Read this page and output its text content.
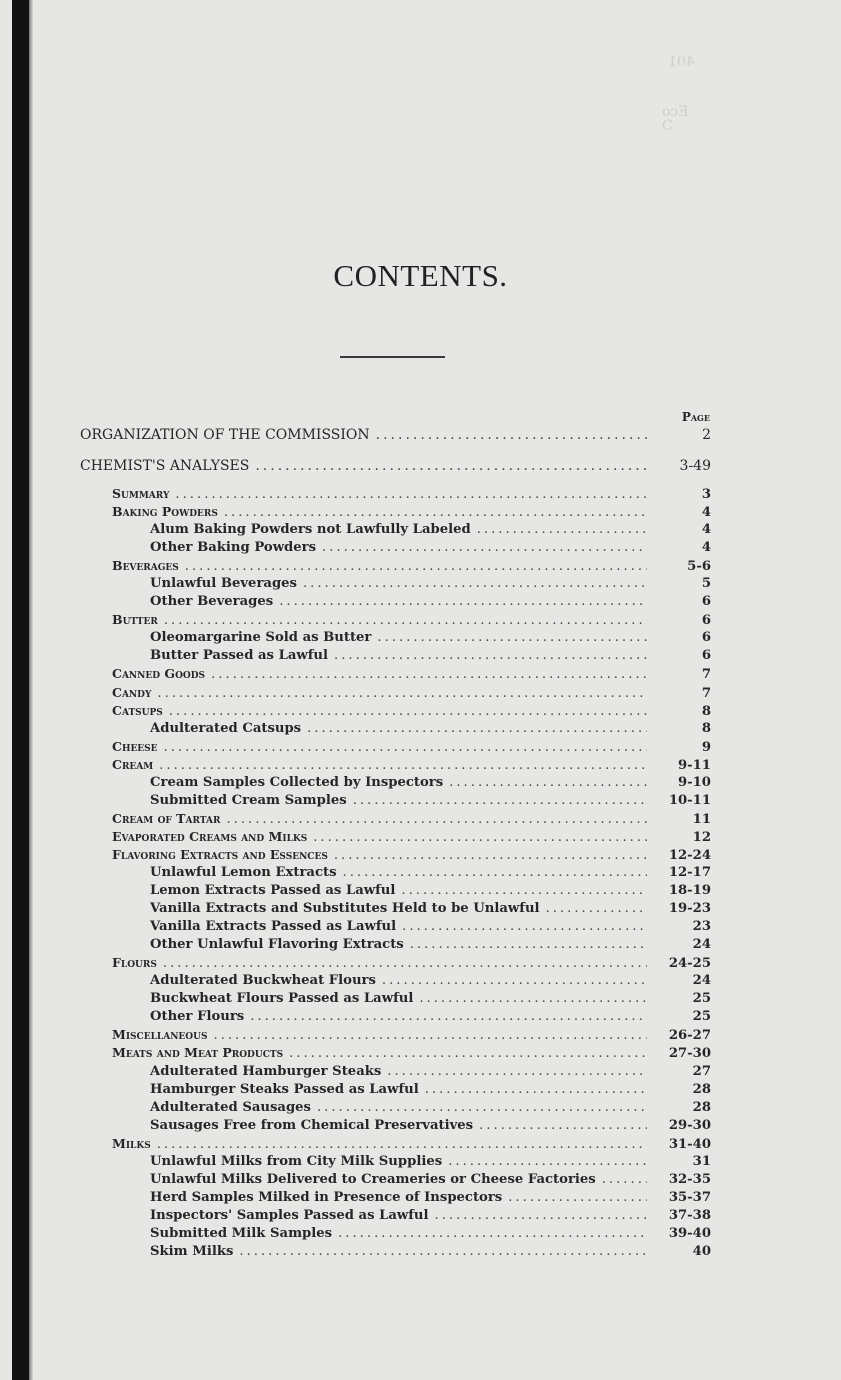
401
Eco
C
CONTENTS.
Page
ORGANIZATION OF THE COMMISSION .....	2
CHEMIST'S ANALYSES .....	3-49
Summary .....	3
Baking Powders .....	4
Alum Baking Powders not Lawfully Labeled .....	4
Other Baking Powders .....	4
Beverages .....	5-6
Unlawful Beverages .....	5
Other Beverages .....	6
Butter .....	6
Oleomargarine Sold as Butter .....	6
Butter Passed as Lawful .....	6
Canned Goods .....	7
Candy .....	7
Catsups .....	8
Adulterated Catsups .....	8
Cheese .....	9
Cream .....	9-11
Cream Samples Collected by Inspectors .....	9-10
Submitted Cream Samples .....	10-11
Cream of Tartar .....	11
Evaporated Creams and Milks .....	12
Flavoring Extracts and Essences .....	12-24
Unlawful Lemon Extracts .....	12-17
Lemon Extracts Passed as Lawful .....	18-19
Vanilla Extracts and Substitutes Held to be Unlawful .....	19-23
Vanilla Extracts Passed as Lawful .....	23
Other Unlawful Flavoring Extracts .....	24
Flours .....	24-25
Adulterated Buckwheat Flours .....	24
Buckwheat Flours Passed as Lawful .....	25
Other Flours .....	25
Miscellaneous .....	26-27
Meats and Meat Products .....	27-30
Adulterated Hamburger Steaks .....	27
Hamburger Steaks Passed as Lawful .....	28
Adulterated Sausages .....	28
Sausages Free from Chemical Preservatives .....	29-30
Milks .....	31-40
Unlawful Milks from City Milk Supplies .....	31
Unlawful Milks Delivered to Creameries or Cheese Factories .....	32-35
Herd Samples Milked in Presence of Inspectors .....	35-37
Inspectors' Samples Passed as Lawful .....	37-38
Submitted Milk Samples .....	39-40
Skim Milks .....	40
